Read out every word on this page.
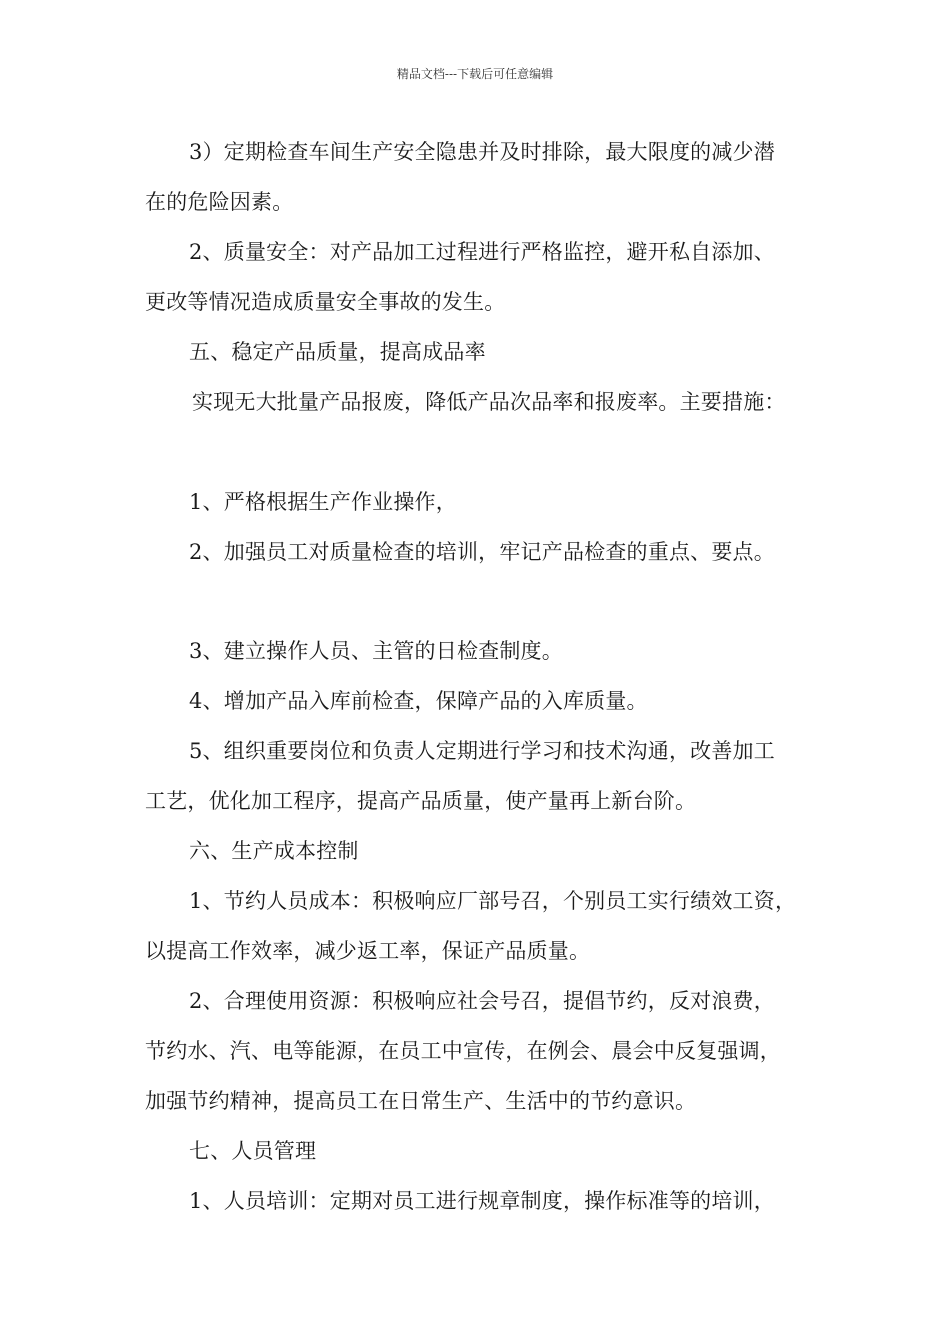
精品文档---下载后可任意编辑
3）定期检查车间生产安全隐患并及时排除，最大限度的减少潜
在的危险因素。
2、质量安全：对产品加工过程进行严格监控，避开私自添加、
更改等情况造成质量安全事故的发生。
五、稳定产品质量，提高成品率
实现无大批量产品报废，降低产品次品率和报废率。主要措施：
1、严格根据生产作业操作，
2、加强员工对质量检查的培训，牢记产品检查的重点、要点。
3、建立操作人员、主管的日检查制度。
4、增加产品入库前检查，保障产品的入库质量。
5、组织重要岗位和负责人定期进行学习和技术沟通，改善加工
工艺，优化加工程序，提高产品质量，使产量再上新台阶。
六、生产成本控制
1、节约人员成本：积极响应厂部号召，个别员工实行绩效工资，
以提高工作效率，减少返工率，保证产品质量。
2、合理使用资源：积极响应社会号召，提倡节约，反对浪费，
节约水、汽、电等能源，在员工中宣传，在例会、晨会中反复强调，
加强节约精神，提高员工在日常生产、生活中的节约意识。
七、人员管理
1、人员培训：定期对员工进行规章制度，操作标准等的培训，
